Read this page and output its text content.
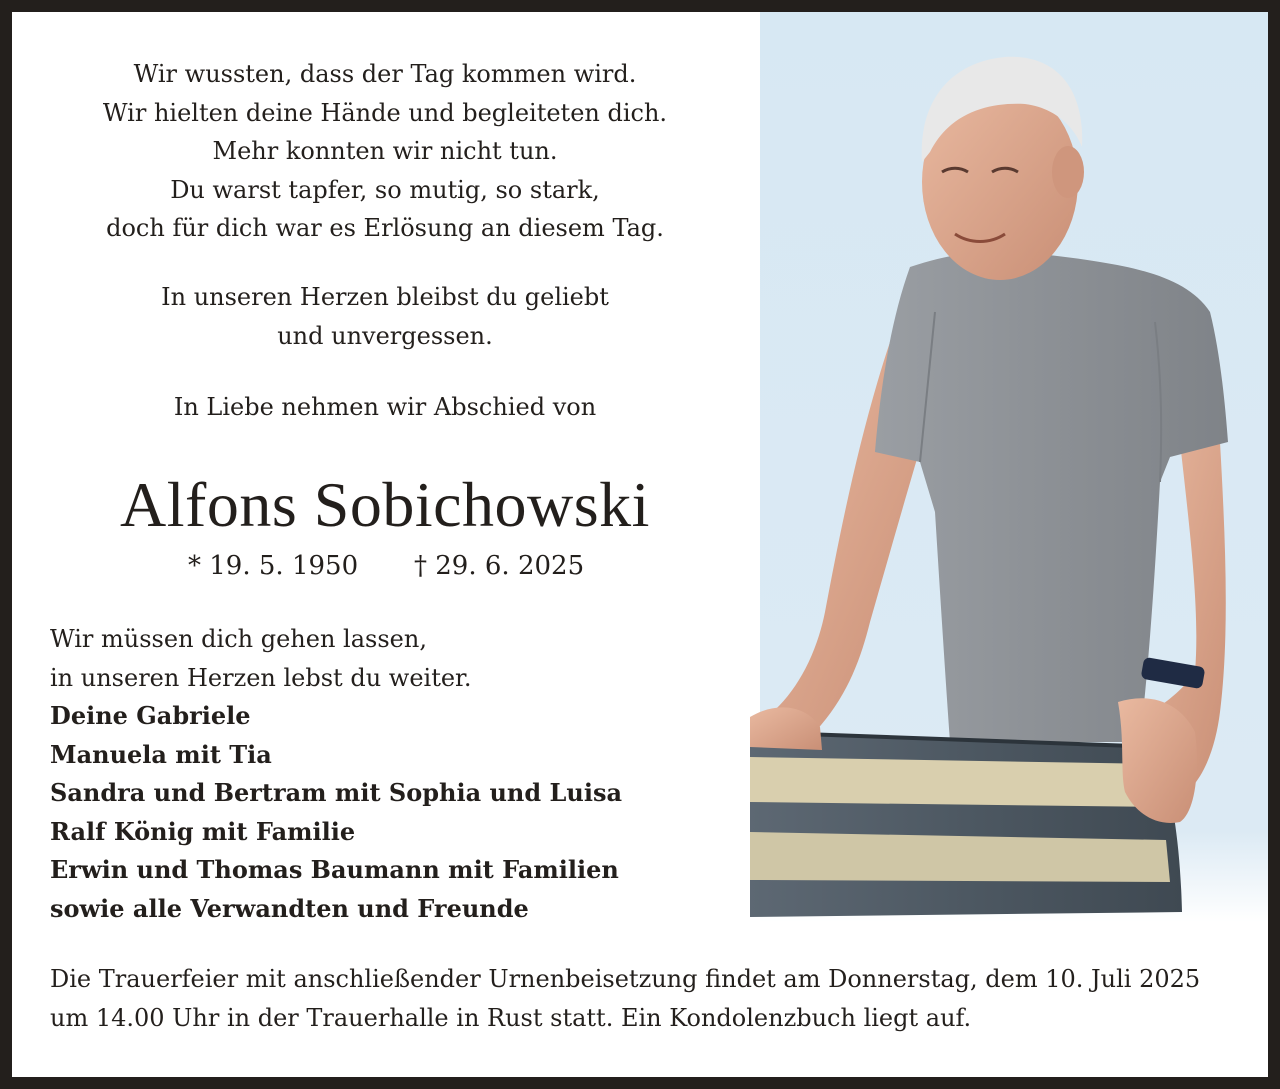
Wir wussten, dass der Tag kommen wird.
Wir hielten deine Hände und begleiteten dich.
Mehr konnten wir nicht tun.
Du warst tapfer, so mutig, so stark,
doch für dich war es Erlösung an diesem Tag.
In unseren Herzen bleibst du geliebt
und unvergessen.
In Liebe nehmen wir Abschied von
Alfons Sobichowski
* 19. 5. 1950 † 29. 6. 2025
Wir müssen dich gehen lassen,
in unseren Herzen lebst du weiter.
Deine Gabriele
Manuela mit Tia
Sandra und Bertram mit Sophia und Luisa
Ralf König mit Familie
Erwin und Thomas Baumann mit Familien
sowie alle Verwandten und Freunde
Die Trauerfeier mit anschließender Urnenbeisetzung findet am Donnerstag, dem 10. Juli 2025
um 14.00 Uhr in der Trauerhalle in Rust statt. Ein Kondolenzbuch liegt auf.
